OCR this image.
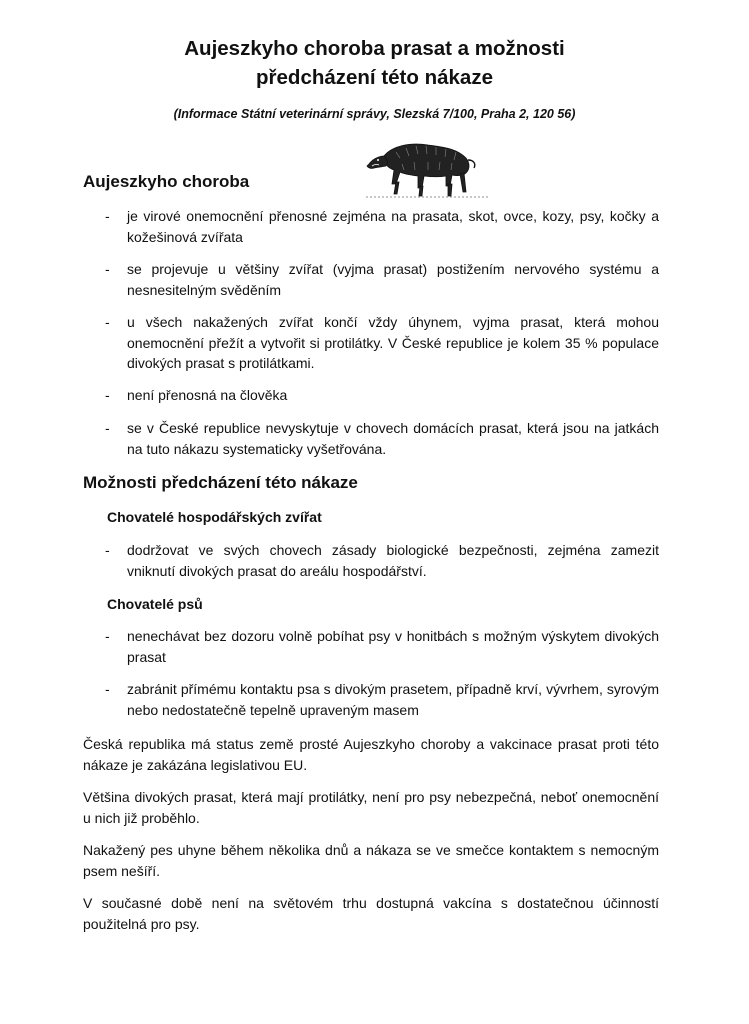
Aujeszkyho choroba prasat a možnosti
předcházení této nákaze

(Informace Státní veterinární správy, Slezská 7/100, Praha 2, 120 56)

Aujeszkyho choroba
- je virové onemocnění přenosné zejména na prasata, skot, ovce, kozy, psy, kočky a kožešinová zvířata
- se projevuje u většiny zvířat (vyjma prasat) postižením nervového systému a nesnesitelným svěděním
- u všech nakažených zvířat končí vždy úhynem, vyjma prasat, která mohou onemocnění přežít a vytvořit si protilátky. V České republice je kolem 35 % populace divokých prasat s protilátkami.
- není přenosná na člověka
- se v České republice nevyskytuje v chovech domácích prasat, která jsou na jatkách na tuto nákazu systematicky vyšetřována.
Možnosti předcházení této nákaze
Chovatelé hospodářských zvířat
- dodržovat ve svých chovech zásady biologické bezpečnosti, zejména zamezit vniknutí divokých prasat do areálu hospodářství.
Chovatelé psů
- nenechávat bez dozoru volně pobíhat psy v honitbách s možným výskytem divokých prasat
- zabránit přímému kontaktu psa s divokým prasetem, případně krví, vývrhem, syrovým nebo nedostatečně tepelně upraveným masem

Česká republika má status země prosté Aujeszkyho choroby a vakcinace prasat proti této nákaze je zakázána legislativou EU.

Většina divokých prasat, která mají protilátky, není pro psy nebezpečná, neboť onemocnění u nich již proběhlo.

Nakažený pes uhyne během několika dnů a nákaza se ve smečce kontaktem s nemocným psem nešíří.

V současné době není na světovém trhu dostupná vakcína s dostatečnou účinností použitelná pro psy.
